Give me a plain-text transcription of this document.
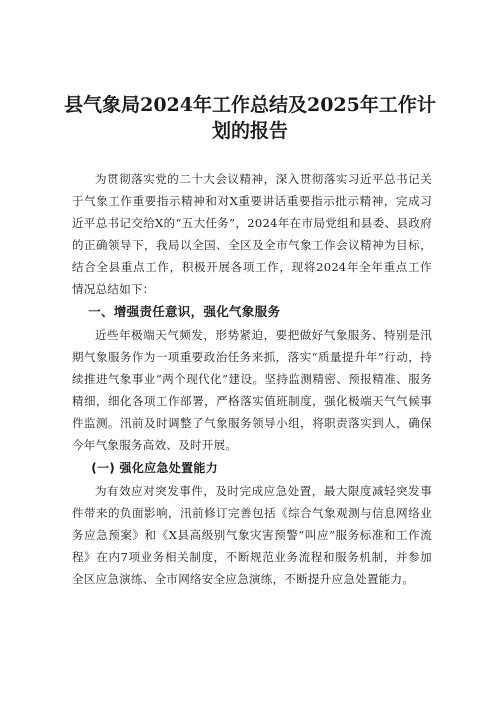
县气象局2024年工作总结及2025年工作计划的报告

为贯彻落实党的二十大会议精神，深入贯彻落实习近平总书记关于气象工作重要指示精神和对X重要讲话重要指示批示精神，完成习近平总书记交给X的“五大任务”，2024年在市局党组和县委、县政府的正确领导下，我局以全国、全区及全市气象工作会议精神为目标，结合全县重点工作，积极开展各项工作，现将2024年全年重点工作情况总结如下：

一、增强责任意识，强化气象服务

近些年极端天气频发，形势紧迫，要把做好气象服务、特别是汛期气象服务作为一项重要政治任务来抓，落实“质量提升年”行动，持续推进气象事业“两个现代化”建设。坚持监测精密、预报精准、服务精细，细化各项工作部署，严格落实值班制度，强化极端天气气候事件监测。汛前及时调整了气象服务领导小组，将职责落实到人，确保今年气象服务高效、及时开展。

(一) 强化应急处置能力

为有效应对突发事件，及时完成应急处置，最大限度减轻突发事件带来的负面影响，汛前修订完善包括《综合气象观测与信息网络业务应急预案》和《X县高级别气象灾害预警“叫应”服务标准和工作流程》在内7项业务相关制度，不断规范业务流程和服务机制，并参加全区应急演练、全市网络安全应急演练，不断提升应急处置能力。
